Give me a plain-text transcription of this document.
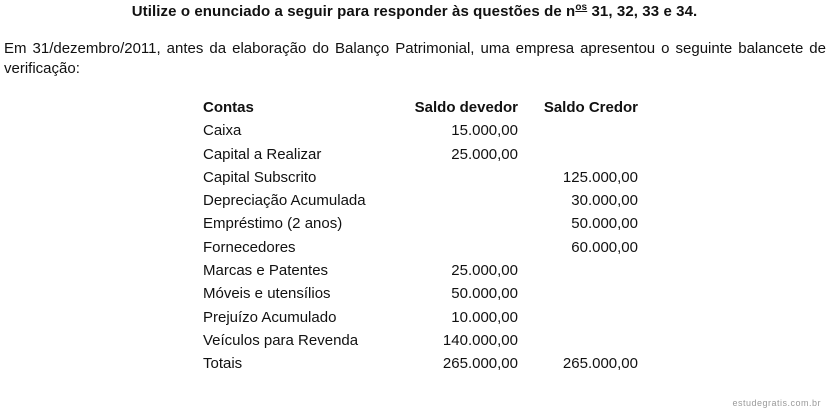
Utilize o enunciado a seguir para responder às questões de $n^{os}$ 31, 32, 33 e 34.
Em 31/dezembro/2011, antes da elaboração do Balanço Patrimonial, uma empresa apresentou o seguinte balancete de verificação:
Contas	Saldo devedor	Saldo Credor
Caixa	15.000,00	
Capital a Realizar	25.000,00	
Capital Subscrito		125.000,00
Depreciação Acumulada		30.000,00
Empréstimo (2 anos)		50.000,00
Fornecedores		60.000,00
Marcas e Patentes	25.000,00	
Móveis e utensílios	50.000,00	
Prejuízo Acumulado	10.000,00	
Veículos para Revenda	140.000,00	
Totais	265.000,00	265.000,00
estudegratis.com.br
